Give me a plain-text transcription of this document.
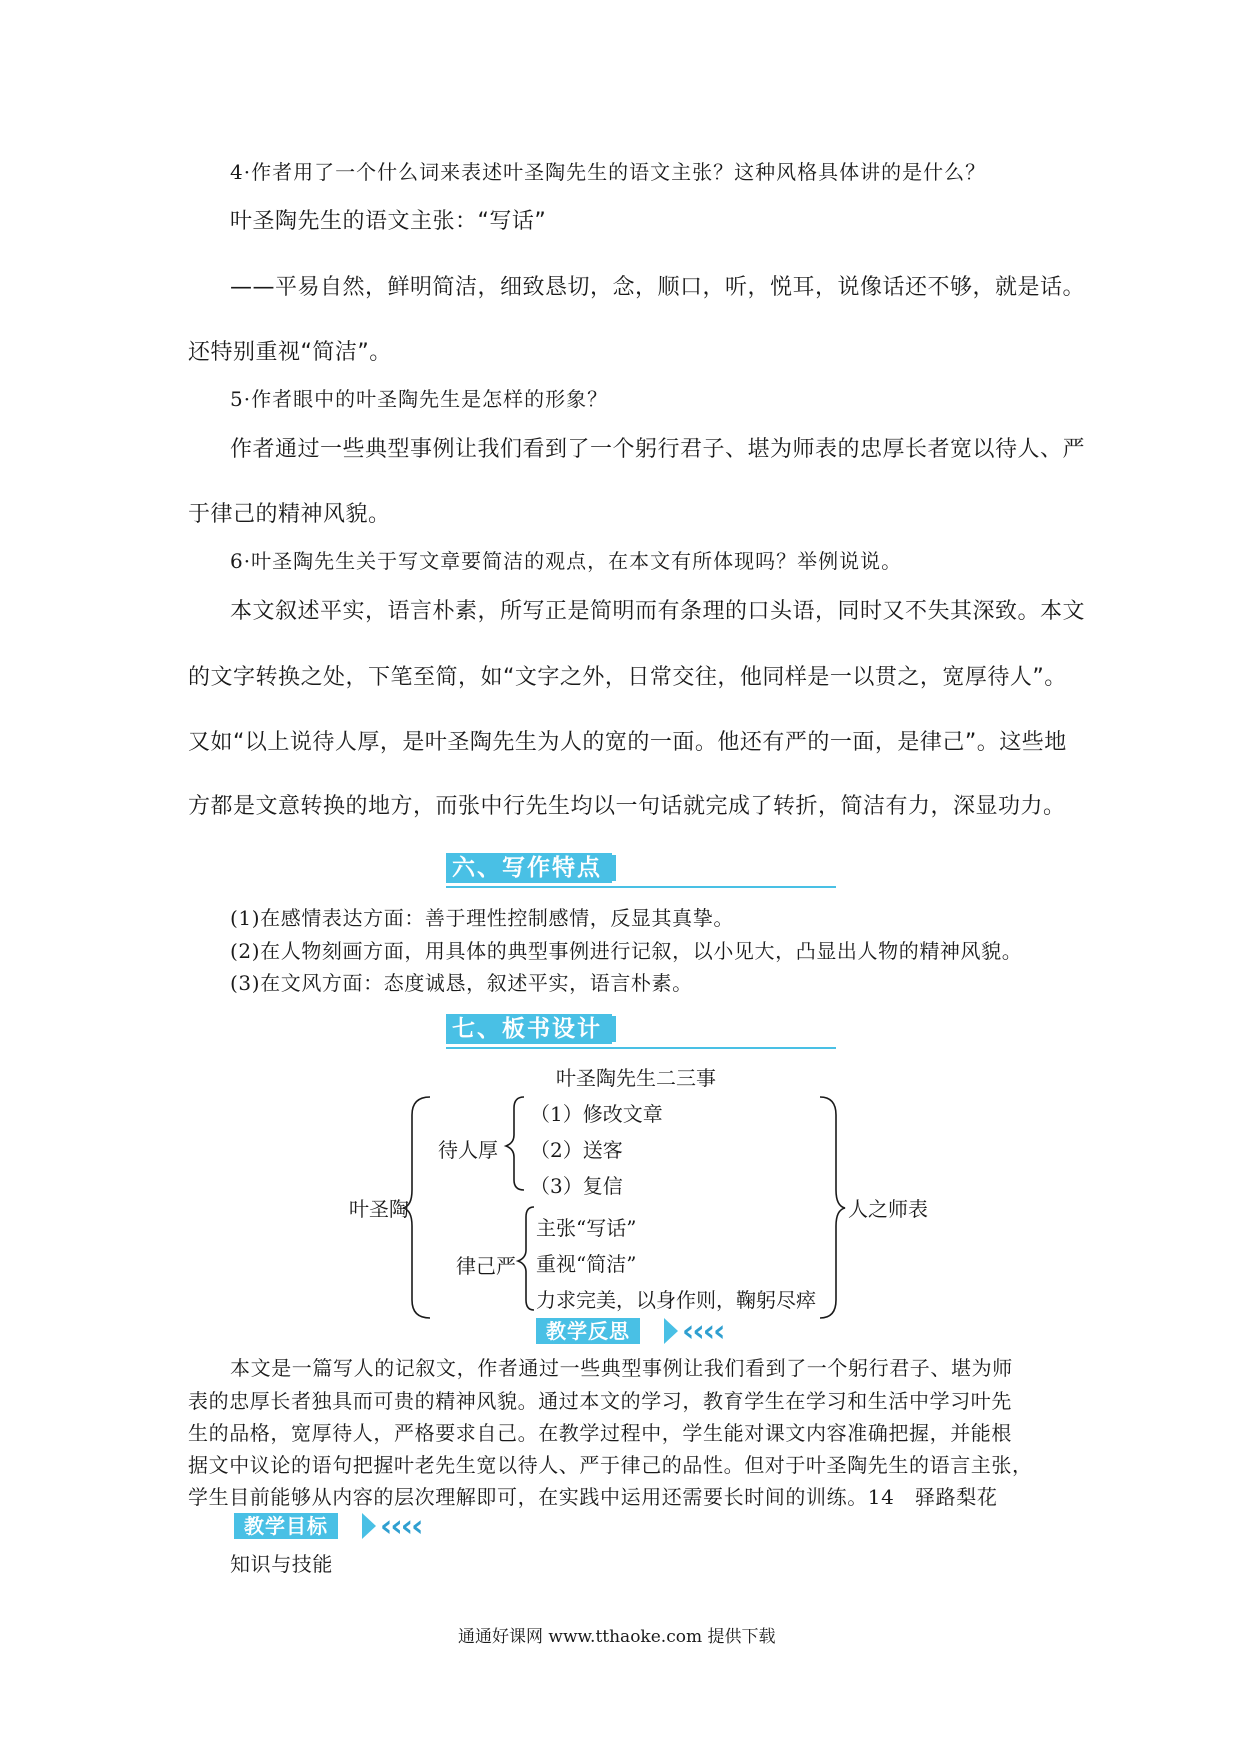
4·作者用了一个什么词来表述叶圣陶先生的语文主张？这种风格具体讲的是什么？
叶圣陶先生的语文主张：“写话”
——平易自然，鲜明简洁，细致恳切，念，顺口，听，悦耳，说像话还不够，就是话。
还特别重视“简洁”。
5·作者眼中的叶圣陶先生是怎样的形象？
作者通过一些典型事例让我们看到了一个躬行君子、堪为师表的忠厚长者宽以待人、严
于律己的精神风貌。
6·叶圣陶先生关于写文章要简洁的观点，在本文有所体现吗？举例说说。
本文叙述平实，语言朴素，所写正是简明而有条理的口头语，同时又不失其深致。本文
的文字转换之处，下笔至简，如“文字之外，日常交往，他同样是一以贯之，宽厚待人”。
又如“以上说待人厚，是叶圣陶先生为人的宽的一面。他还有严的一面，是律己”。这些地
方都是文意转换的地方，而张中行先生均以一句话就完成了转折，简洁有力，深显功力。
六、写作特点
(1)在感情表达方面：善于理性控制感情，反显其真挚。
(2)在人物刻画方面，用具体的典型事例进行记叙，以小见大，凸显出人物的精神风貌。
(3)在文风方面：态度诚恳，叙述平实，语言朴素。
七、板书设计
叶圣陶先生二三事
叶圣陶	人之师表
待人厚
（1）修改文章
（2）送客
（3）复信
律己严
主张“写话”
重视“简洁”
力求完美，以身作则，鞠躬尽瘁
教学反思	‹‹‹‹
本文是一篇写人的记叙文，作者通过一些典型事例让我们看到了一个躬行君子、堪为师
表的忠厚长者独具而可贵的精神风貌。通过本文的学习，教育学生在学习和生活中学习叶先
生的品格，宽厚待人，严格要求自己。在教学过程中，学生能对课文内容准确把握，并能根
据文中议论的语句把握叶老先生宽以待人、严于律己的品性。但对于叶圣陶先生的语言主张，
学生目前能够从内容的层次理解即可，在实践中运用还需要长时间的训练。14　驿路梨花
教学目标	‹‹‹‹
知识与技能
通通好课网 www.tthaoke.com 提供下载
